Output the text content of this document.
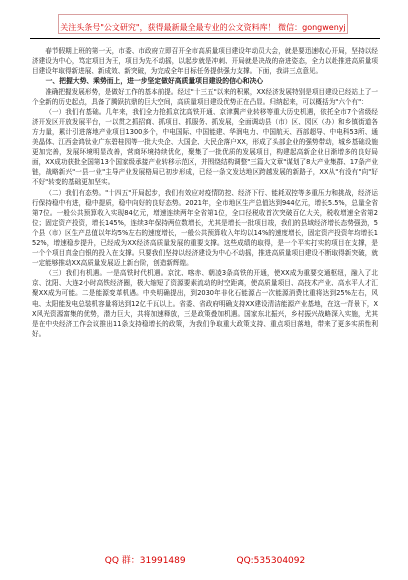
关注头条号"公文研究"，获得最新最全最专业的公文资料库！ 微信：gongwenyj

春节假期上班的第一天，市委、市政府立即召开全市高质量项目建设年动员大会，就是要迅速收心开局，坚持以经济建设为中心，笃定项目为王，项目为先不动摇，以起步就是冲刺、开局就是决战的奋进姿态，全力以赴推进高质量项目建设年取得新进展、新成效、新突破，为完成全年目标任务提供强力支撑。下面，我讲三点意见。

一、把握大势、乘势而上，进一步坚定做好高质量项目建设的信心和决心

准确把握发展形势，是做好工作的基本前提。经过"十三五"以来的积累，XX经济发展特别是项目建设已经站上了一个全新的历史起点，具备了腾跃抗鼎的巨大空间，高质量项目建设优势正在凸显。归纳起来，可以概括为"六个有"：

（一）我们有基础。几年来，我们全力抢抓京沈高铁开通、京津冀产业转移等重大历史机遇，依托全市7个省级经济开发区开放发展平台，一以贯之抓招商、抓项目、抓服务、抓发展，全面调动县（市）区、园区（办）和乡镇街道各方力量，累计引进落地产业项目1300多个，中电国际、中国能建、华润电力、中国航天、西部超导、中电科53所、通美晶体、江西金鸿钛业广东碧桂园等一批大央企、大国企、大民企落户XX，形成了头部企业的强势带动，城乡基础设施更加完善，发展环境明显改善，营商环境持续优化，聚集了一批优质的发展项目，构建起高新企业日渐增多的良好局面，XX成功获批全国第13个国家级承接产业转移示范区，并围绕结构调整"三篇大文章"谋划了8大产业集群、17条产业链，战略新兴"一县一业"主导产业发展格局已初步形成，已经一条文发达地区跨越发展的新路子，XX从"有没有"向"好不好"转变的基础更加坚实。

（二）我们有态势。"十四五"开局起步，我们有效应对疫情防控、经济下行、能耗双控等多重压力和挑战，经济运行保持稳中有进，稳中提质，稳中向好的良好态势。2021年，全市地区生产总值达到944亿元，增长5.5%，总量全省第7位。一般公共预算收入实现84亿元，增速连续两年全省第1位，全口径税收首次突破百亿大关，税收增速全省第2位；固定资产投资，增长145%，连续3年保持两位数增长，尤其是增长一批项目竣，我们的县域经济增长态势强劲，5个县（市）区生产总值以年均5%左右的速度增长，一般公共预算收入年均以14%的速度增长，固定资产投资年均增长152%，增速稳步提升，已经成为XX经济高质量发展的重要支撑。这些成绩的取得，是一个平实打实的项目在支撑，是一个个项目真金白银的投入在支撑。只要我们坚持以经济建设为中心不动摇，推进高质量项目建设不断取得新突破，就一定能够推动XX高质量发展迈上新台阶，创造新辉煌。

（三）我们有机遇。一是高铁时代机遇。京沈、喀赤、朝凌3条高铁的开通，使XX成为重要交通枢纽，融入了北京、沈阳、大连2小时高铁经济圈，极大缩短了资源要素流动的时空距离，使高质量项目、高技术产业、高水平人才汇聚XX成为可能。二是能源变革机遇。中央明确提出，到2030年非化石能源占一次能源消费比重将达到25%左右，风电、太阳能发电总装机容量将达到12亿千瓦以上。省委、省政府明确支持XX建设清洁能源产业基地，在这一背景下，XX风光资源富集的优势，潜力巨大，共将加速释放，三是政策叠加机遇。国家东北振兴，乡村振兴战略深入实施，尤其是在中央经济工作会议推出11条支持稳增长的政策，为我们争取重大政策支持、重点项目落地，带来了更多实质性利好。

QQ 群：31991489	QQ:535304092
